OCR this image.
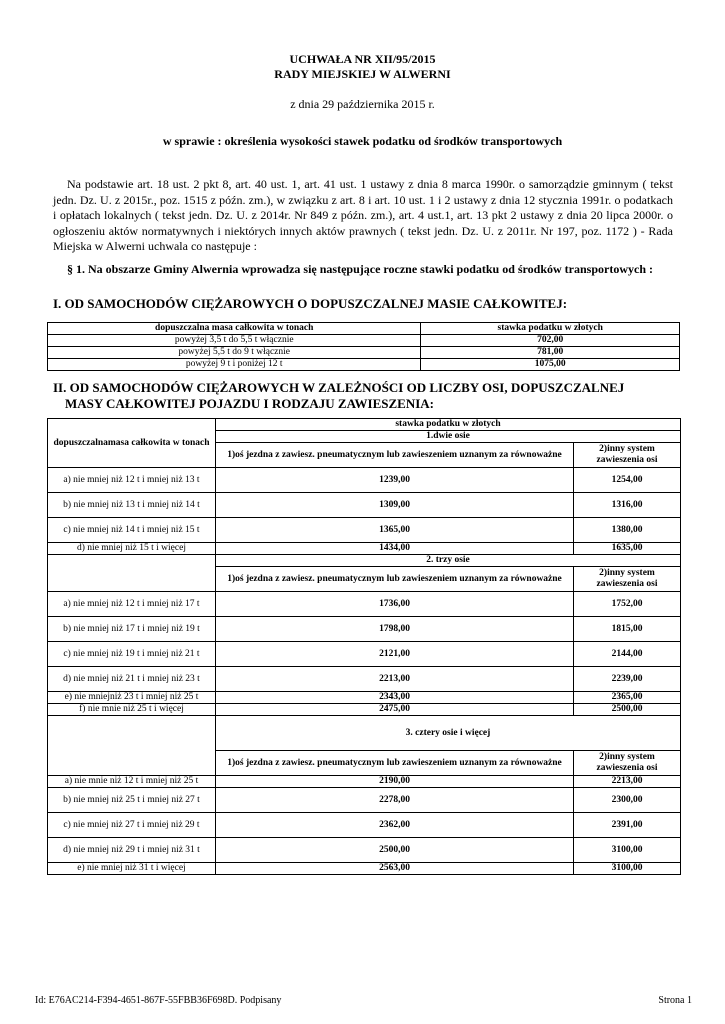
UCHWAŁA NR XII/95/2015
RADY MIEJSKIEJ W ALWERNI
z dnia 29 października 2015 r.
w sprawie : określenia wysokości stawek podatku od środków transportowych

Na podstawie art. 18 ust. 2 pkt 8, art. 40 ust. 1, art. 41 ust. 1 ustawy z dnia 8 marca 1990r. o samorządzie gminnym ( tekst jedn. Dz. U. z 2015r., poz. 1515 z późn. zm.), w związku z art. 8 i art. 10 ust. 1 i 2 ustawy z dnia 12 stycznia 1991r. o podatkach i opłatach lokalnych ( tekst jedn. Dz. U. z 2014r. Nr 849 z późn. zm.), art. 4 ust.1, art. 13 pkt 2 ustawy z dnia 20 lipca 2000r. o ogłoszeniu aktów normatywnych i niektórych innych aktów prawnych ( tekst jedn. Dz. U. z 2011r. Nr 197, poz. 1172 ) - Rada Miejska w Alwerni uchwala co następuje :

§ 1. Na obszarze Gminy Alwernia wprowadza się następujące roczne stawki podatku od środków transportowych :

I. OD SAMOCHODÓW CIĘŻAROWYCH O DOPUSZCZALNEJ MASIE CAŁKOWITEJ:

dopuszczalna masa całkowita w tonach	stawka podatku w złotych
powyżej 3,5 t do 5,5 t włącznie	702,00
powyżej 5,5 t do 9 t włącznie	781,00
powyżej 9 t i poniżej 12 t	1075,00

II. OD SAMOCHODÓW CIĘŻAROWYCH W ZALEŻNOŚCI OD LICZBY OSI, DOPUSZCZALNEJ
MASY CAŁKOWITEJ POJAZDU I RODZAJU ZAWIESZENIA:

dopuszczalnamasa całkowita w tonach	stawka podatku w złotych	
	1.dwie osie	
	1)oś jezdna z zawiesz. pneumatycznym lub zawieszeniem uznanym za równoważne	2)inny system zawieszenia osi
a) nie mniej niż 12 t i mniej niż 13 t	1239,00	1254,00
b) nie mniej niż 13 t i mniej niż 14 t	1309,00	1316,00
c) nie mniej niż 14 t i mniej niż 15 t	1365,00	1380,00
d) nie mniej niż 15 t i więcej	1434,00	1635,00
	2. trzy osie	
	1)oś jezdna z zawiesz. pneumatycznym lub zawieszeniem uznanym za równoważne	2)inny system zawieszenia osi
a) nie mniej niż 12 t i mniej niż 17 t	1736,00	1752,00
b) nie mniej niż 17 t i mniej niż 19 t	1798,00	1815,00
c) nie mniej niż 19 t i mniej niż 21 t	2121,00	2144,00
d) nie mniej niż 21 t i mniej niż 23 t	2213,00	2239,00
e) nie mniejniż 23 t i mniej niż 25 t	2343,00	2365,00
f) nie mnie niż 25 t i więcej	2475,00	2500,00
	3. cztery osie i więcej	
	1)oś jezdna z zawiesz. pneumatycznym lub zawieszeniem uznanym za równoważne	2)inny system zawieszenia osi
a) nie mnie niż 12 t i mniej niż 25 t	2190,00	2213,00
b) nie mniej niż 25 t i mniej niż 27 t	2278,00	2300,00
c) nie mniej niż 27 t i mniej niż 29 t	2362,00	2391,00
d) nie mniej niż 29 t i mniej niż 31 t	2500,00	3100,00
e) nie mniej niż 31 t i więcej	2563,00	3100,00
Id: E76AC214-F394-4651-867F-55FBB36F698D. Podpisany	Strona 1
